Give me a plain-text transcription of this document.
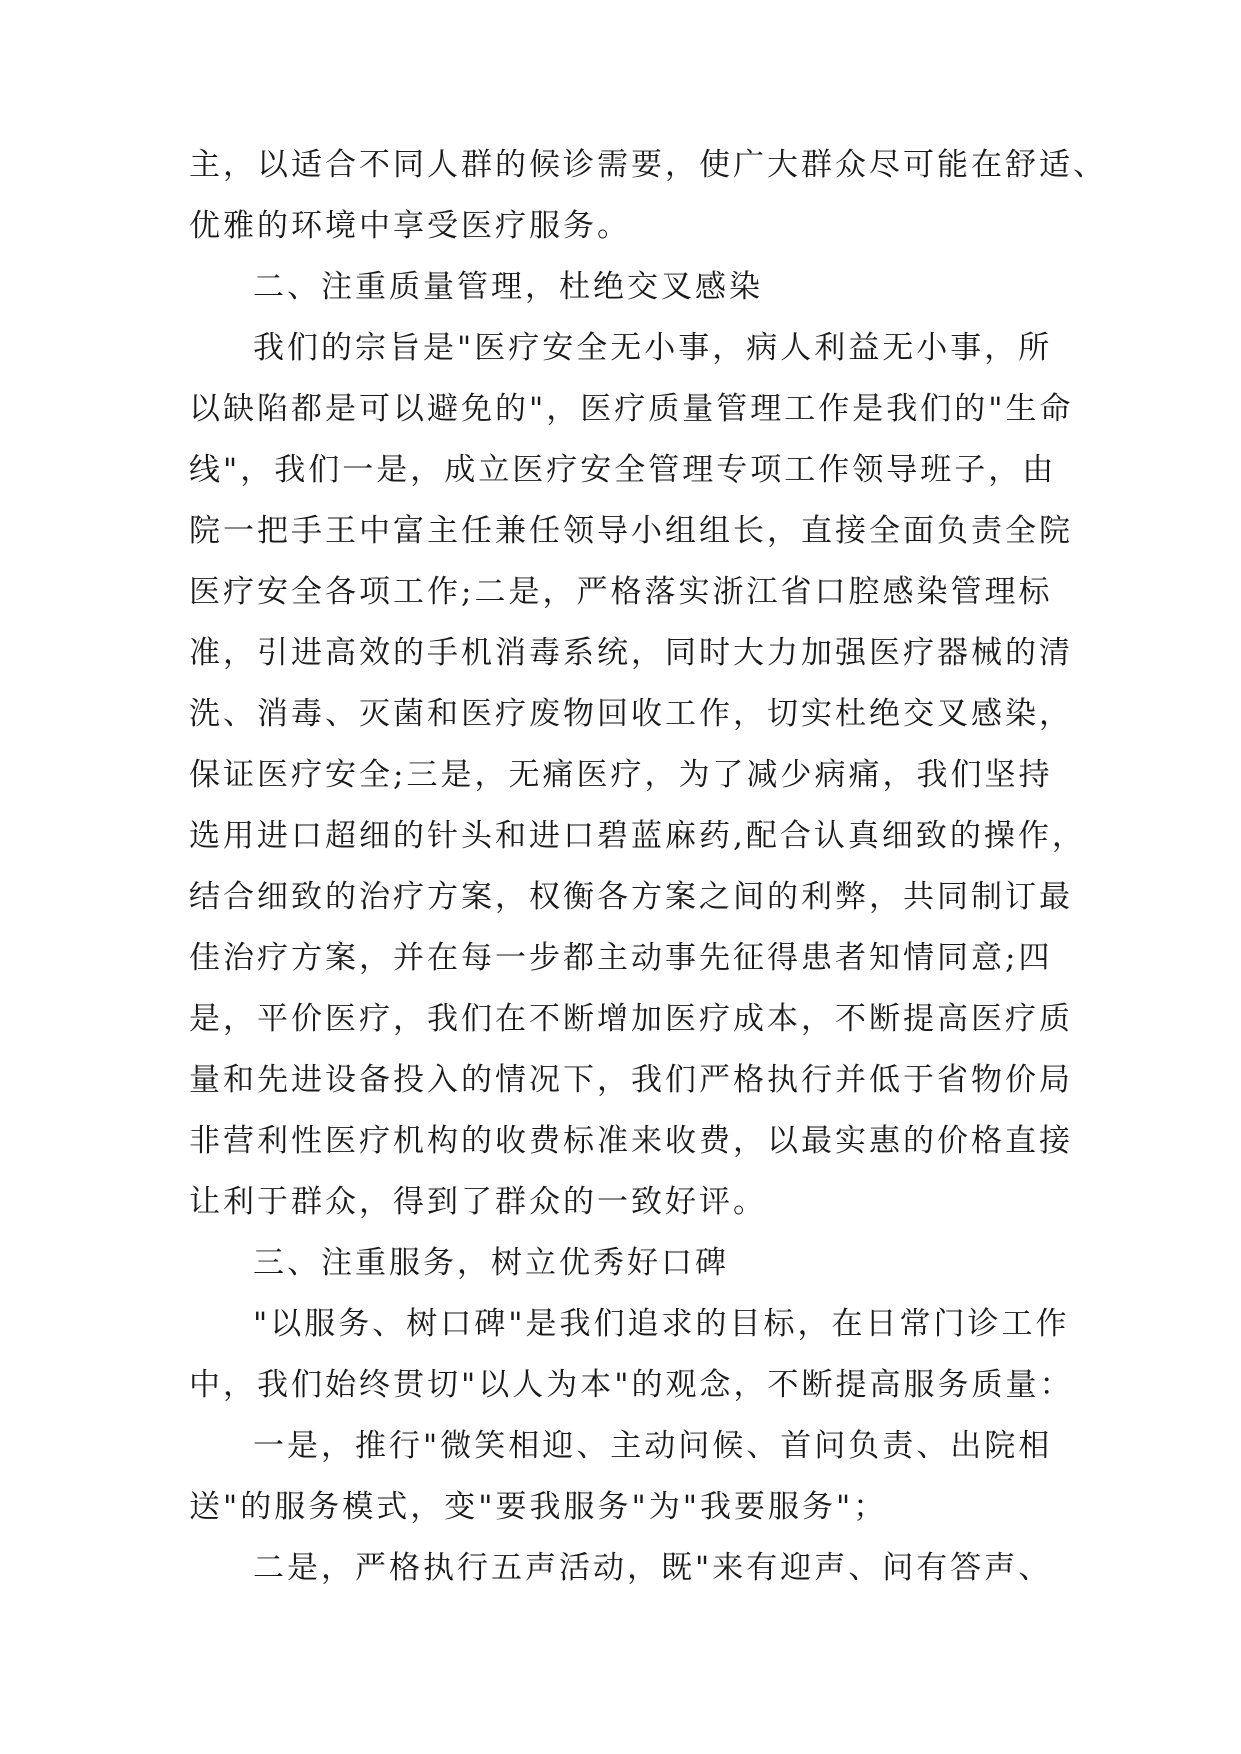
主，以适合不同人群的候诊需要，使广大群众尽可能在舒适、
优雅的环境中享受医疗服务。
二、注重质量管理，杜绝交叉感染
我们的宗旨是"医疗安全无小事，病人利益无小事，所
以缺陷都是可以避免的"，医疗质量管理工作是我们的"生命
线"，我们一是，成立医疗安全管理专项工作领导班子，由
院一把手王中富主任兼任领导小组组长，直接全面负责全院
医疗安全各项工作;二是，严格落实浙江省口腔感染管理标
准，引进高效的手机消毒系统，同时大力加强医疗器械的清
洗、消毒、灭菌和医疗废物回收工作，切实杜绝交叉感染，
保证医疗安全;三是，无痛医疗，为了减少病痛，我们坚持
选用进口超细的针头和进口碧蓝麻药,配合认真细致的操作，
结合细致的治疗方案，权衡各方案之间的利弊，共同制订最
佳治疗方案，并在每一步都主动事先征得患者知情同意;四
是，平价医疗，我们在不断增加医疗成本，不断提高医疗质
量和先进设备投入的情况下，我们严格执行并低于省物价局
非营利性医疗机构的收费标准来收费，以最实惠的价格直接
让利于群众，得到了群众的一致好评。
三、注重服务，树立优秀好口碑
"以服务、树口碑"是我们追求的目标，在日常门诊工作
中，我们始终贯切"以人为本"的观念，不断提高服务质量：
一是，推行"微笑相迎、主动问候、首问负责、出院相
送"的服务模式，变"要我服务"为"我要服务"；
二是，严格执行五声活动，既"来有迎声、问有答声、
